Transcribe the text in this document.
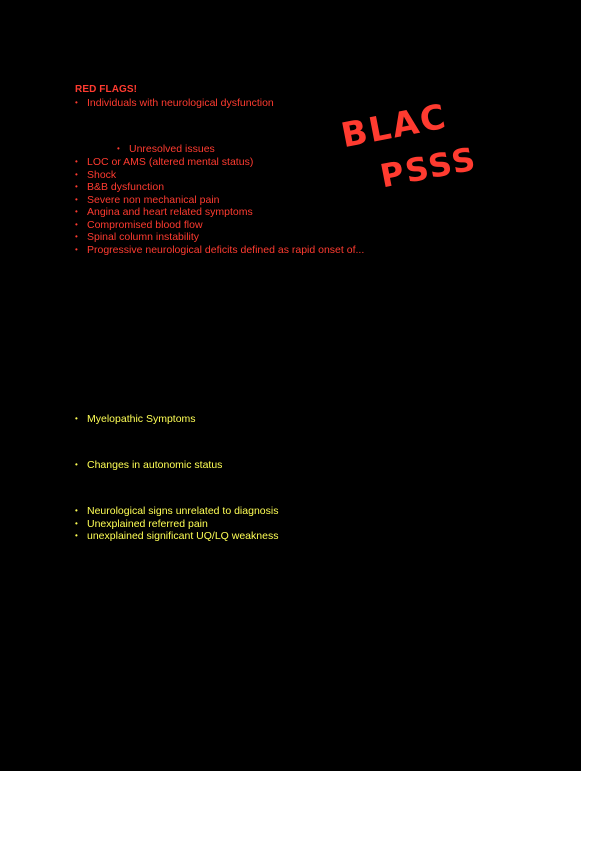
RED FLAGS!
• Individuals with neurological dysfunction
• Unresolved issues
• LOC or AMS (altered mental status)
• Shock
• B&B dysfunction
• Severe non mechanical pain
• Angina and heart related symptoms
• Compromised blood flow
• Spinal column instability
• Progressive neurological deficits defined as rapid onset of...
BLAC
PSSS
• Myelopathic Symptoms
• Changes in autonomic status
• Neurological signs unrelated to diagnosis
• Unexplained referred pain
• unexplained significant UQ/LQ weakness
